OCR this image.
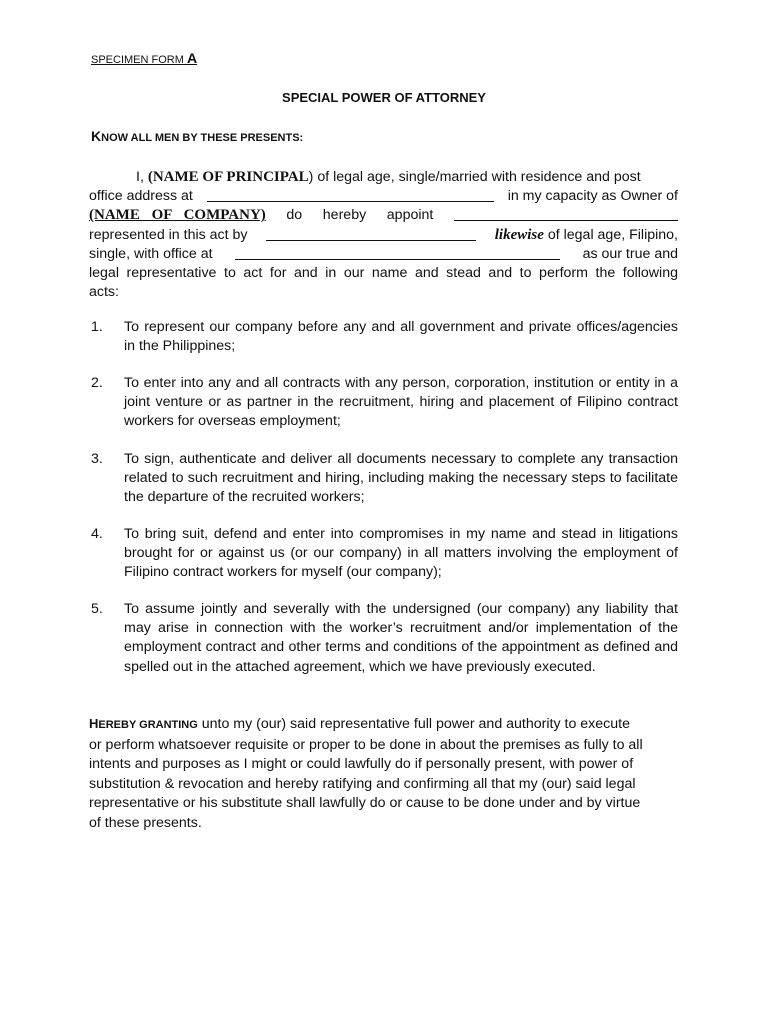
SPECIMEN FORM A
SPECIAL POWER OF ATTORNEY
KNOW ALL MEN BY THESE PRESENTS:
I, (NAME OF PRINCIPAL) of legal age, single/married with residence and post
office address at	in my capacity as Owner of
(NAME OF COMPANY) do hereby appoint
represented in this act by	likewise of legal age, Filipino,
single, with office at	as our true and
legal representative to act for and in our name and stead and to perform the following
acts:
1. To represent our company before any and all government and private offices/agencies in the Philippines;
2. To enter into any and all contracts with any person, corporation, institution or entity in a joint venture or as partner in the recruitment, hiring and placement of Filipino contract workers for overseas employment;
3. To sign, authenticate and deliver all documents necessary to complete any transaction related to such recruitment and hiring, including making the necessary steps to facilitate the departure of the recruited workers;
4. To bring suit, defend and enter into compromises in my name and stead in litigations brought for or against us (or our company) in all matters involving the employment of Filipino contract workers for myself (our company);
5. To assume jointly and severally with the undersigned (our company) any liability that may arise in connection with the worker’s recruitment and/or implementation of the employment contract and other terms and conditions of the appointment as defined and spelled out in the attached agreement, which we have previously executed.
HEREBY GRANTING unto my (our) said representative full power and authority to execute
or perform whatsoever requisite or proper to be done in about the premises as fully to all
intents and purposes as I might or could lawfully do if personally present, with power of
substitution & revocation and hereby ratifying and confirming all that my (our) said legal
representative or his substitute shall lawfully do or cause to be done under and by virtue
of these presents.
